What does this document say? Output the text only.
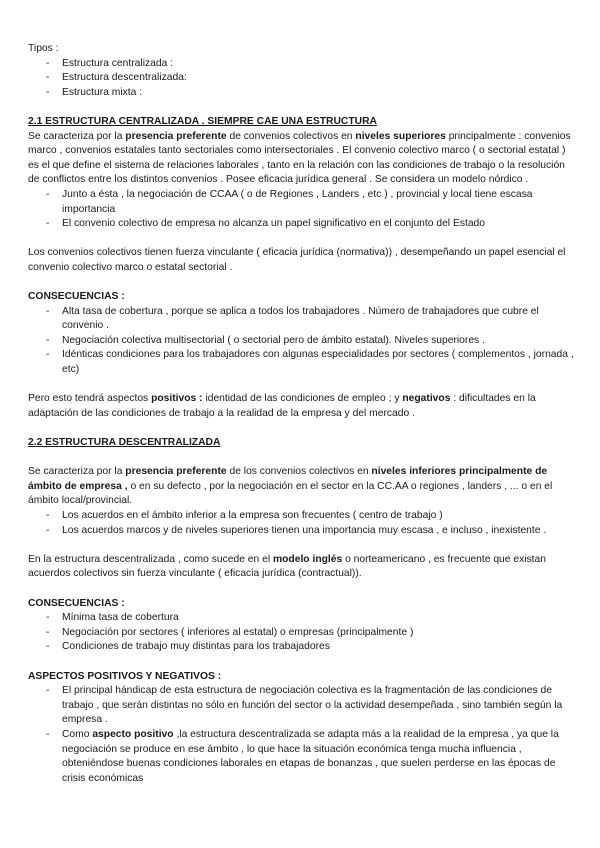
Tipos :

- Estructura centralizada :
- Estructura descentralizada:
- Estructura mixta :
2.1 ESTRUCTURA CENTRALIZADA . SIEMPRE CAE UNA ESTRUCTURA

Se caracteriza por la presencia preferente de convenios colectivos en niveles superiores principalmente : convenios marco , convenios estatales tanto sectoriales como intersectoriales . El convenio colectivo marco ( o sectorial estatal ) es el que define el sistema de relaciones laborales , tanto en la relación con las condiciones de trabajo o la resolución de conflictos entre los distintos convenios . Posee eficacia jurídica general . Se considera un modelo nórdico .

- Junto a ésta , la negociación de CCAA ( o de Regiones , Landers , etc ) , provincial y local tiene escasa importancia
- El convenio colectivo de empresa no alcanza un papel significativo en el conjunto del Estado

Los convenios colectivos tienen fuerza vinculante ( eficacia jurídica (normativa)) , desempeñando un papel esencial el convenio colectivo marco o estatal sectorial .

CONSECUENCIAS :

- Alta tasa de cobertura , porque se aplica a todos los trabajadores . Número de trabajadores que cubre el convenio .
- Negociación colectiva multisectorial ( o sectorial pero de ámbito estatal). Niveles superiores .
- Idénticas condiciones para los trabajadores con algunas especialidades por sectores ( complementos , jornada , etc)

Pero esto tendrá aspectos positivos : identidad de las condiciones de empleo ; y negativos : dificultades en la adaptación de las condiciones de trabajo a la realidad de la empresa y del mercado .

2.2 ESTRUCTURA DESCENTRALIZADA

Se caracteriza por la presencia preferente de los convenios colectivos en niveles inferiores principalmente de ámbito de empresa , o en su defecto , por la negociación en el sector en la CC.AA o regiones , landers , ... o en el ámbito local/provincial.

- Los acuerdos en el ámbito inferior a la empresa son frecuentes ( centro de trabajo )
- Los acuerdos marcos y de niveles superiores tienen una importancia muy escasa , e incluso , inexistente .

En la estructura descentralizada , como sucede en el modelo inglés o norteamericano , es frecuente que existan acuerdos colectivos sin fuerza vinculante ( eficacia jurídica (contractual)).

CONSECUENCIAS :

- Mínima tasa de cobertura
- Negociación por sectores ( inferiores al estatal) o empresas (principalmente )
- Condiciones de trabajo muy distintas para los trabajadores

ASPECTOS POSITIVOS Y NEGATIVOS :

- El principal hándicap de esta estructura de negociación colectiva es la fragmentación de las condiciones de trabajo , que serán distintas no sólo en función del sector o la actividad desempeñada , sino también según la empresa .
- Como aspecto positivo ,la estructura descentralizada se adapta más a la realidad de la empresa , ya que la negociación se produce en ese ámbito , lo que hace la situación económica tenga mucha influencia , obteniéndose buenas condiciones laborales en etapas de bonanzas , que suelen perderse en las épocas de crisis económicas
